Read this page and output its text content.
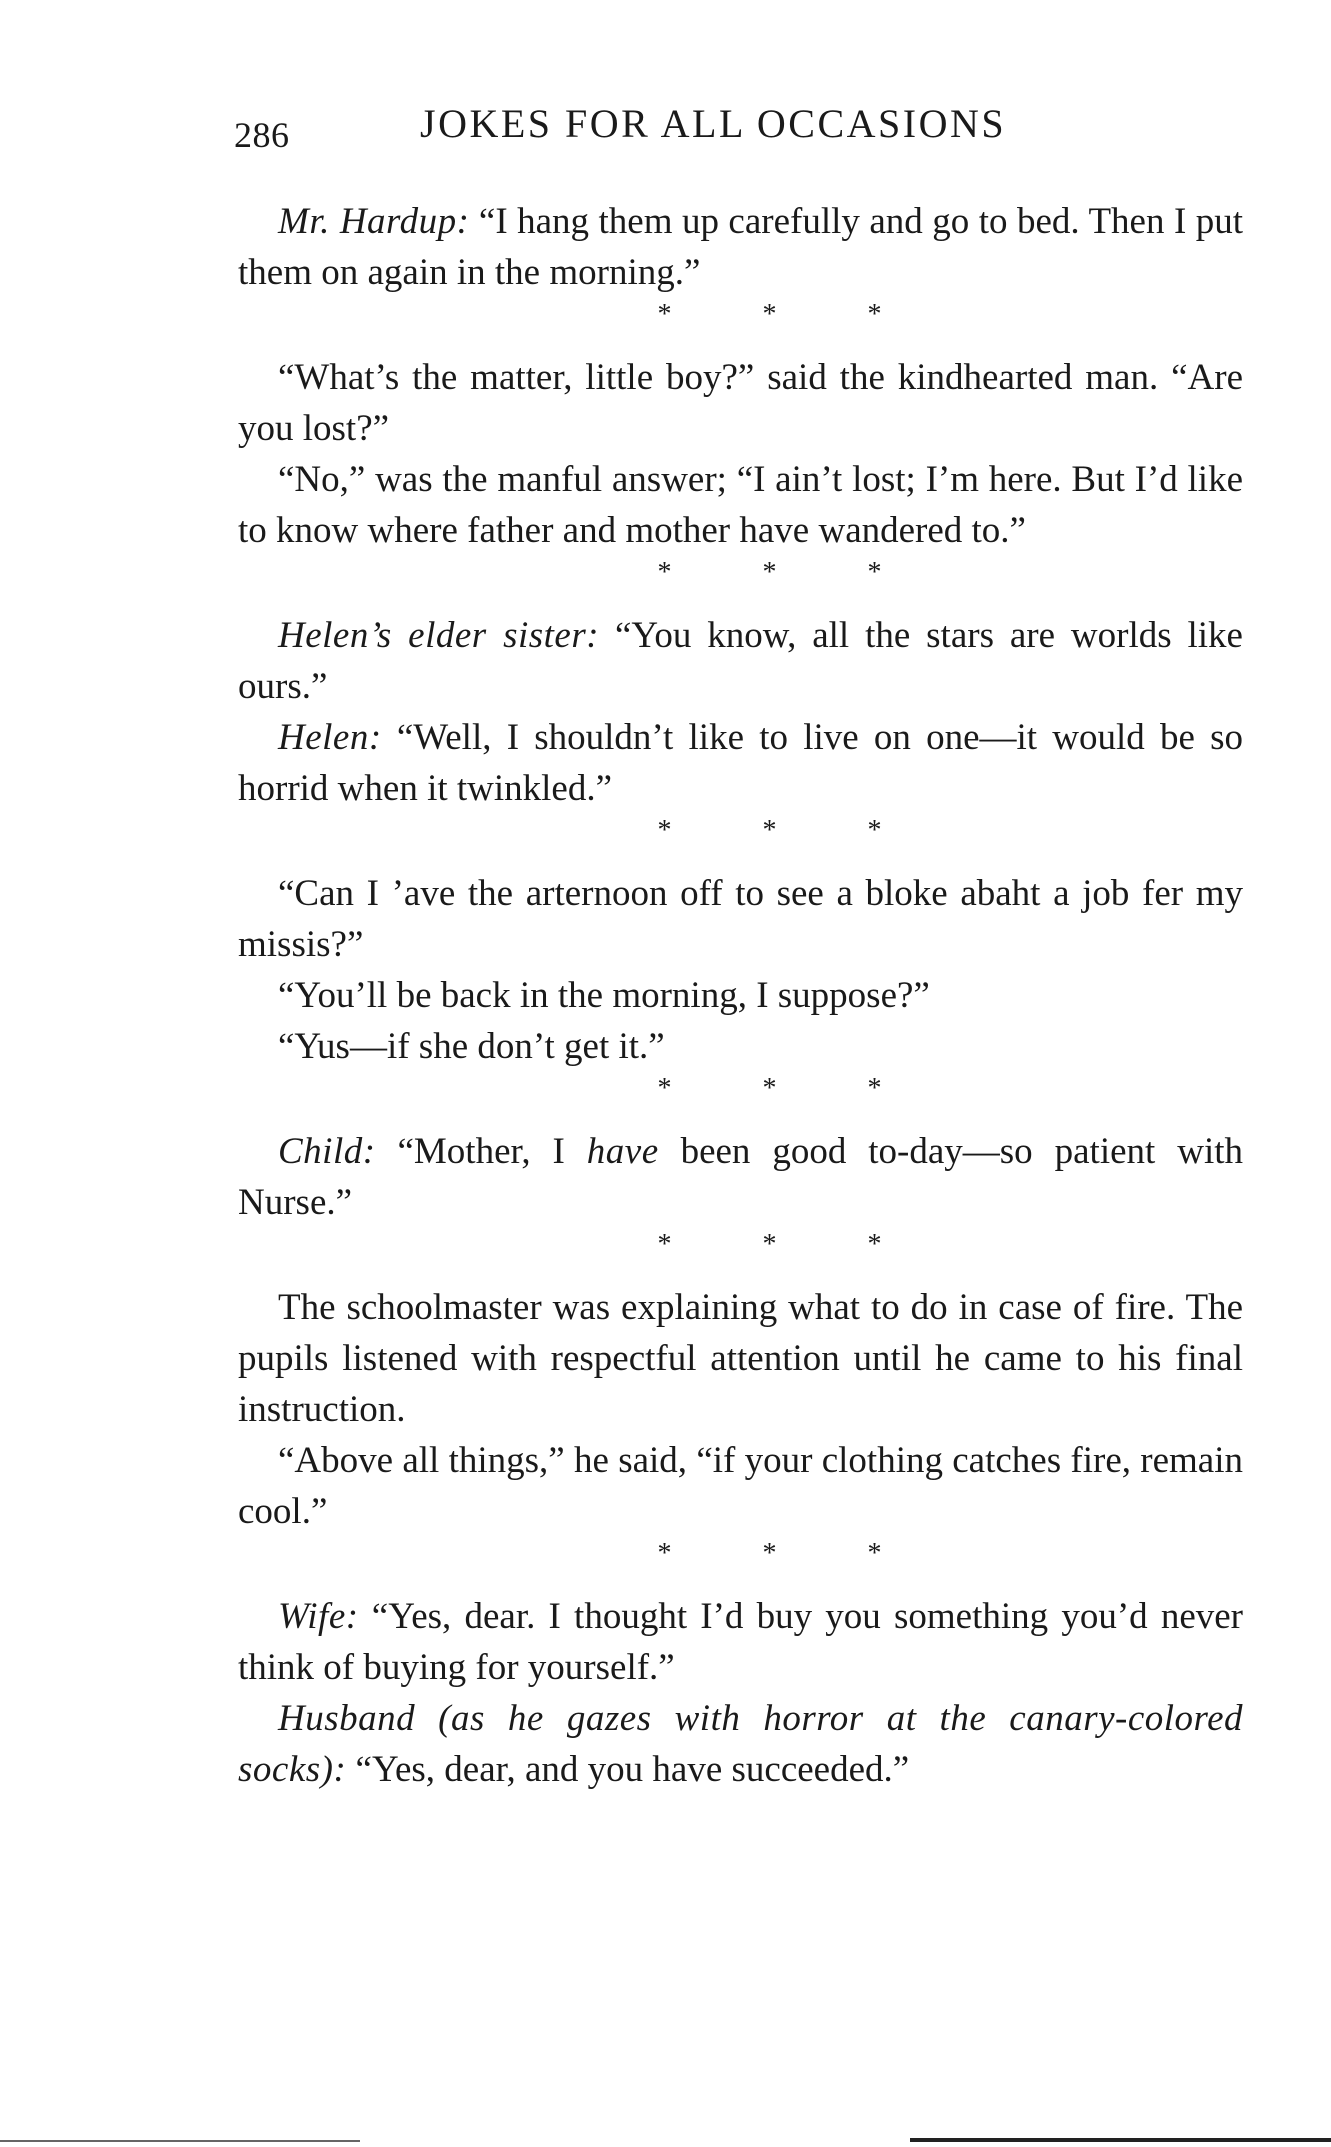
286	JOKES FOR ALL OCCASIONS

Mr. Hardup: “I hang them up carefully and go to bed. Then I put them on again in the morning.”

* * *

“What’s the matter, little boy?” said the kindhearted man. “Are you lost?”

“No,” was the manful answer; “I ain’t lost; I’m here. But I’d like to know where father and mother have wandered to.”

* * *

Helen’s elder sister: “You know, all the stars are worlds like ours.”

Helen: “Well, I shouldn’t like to live on one—it would be so horrid when it twinkled.”

* * *

“Can I ’ave the arternoon off to see a bloke abaht a job fer my missis?”

“You’ll be back in the morning, I suppose?”

“Yus—if she don’t get it.”

* * *

Child: “Mother, I have been good to-day—so patient with Nurse.”

* * *

The schoolmaster was explaining what to do in case of fire. The pupils listened with respectful attention until he came to his final instruction.

“Above all things,” he said, “if your clothing catches fire, remain cool.”

* * *

Wife: “Yes, dear. I thought I’d buy you something you’d never think of buying for yourself.”

Husband (as he gazes with horror at the canary-colored socks): “Yes, dear, and you have succeeded.”
